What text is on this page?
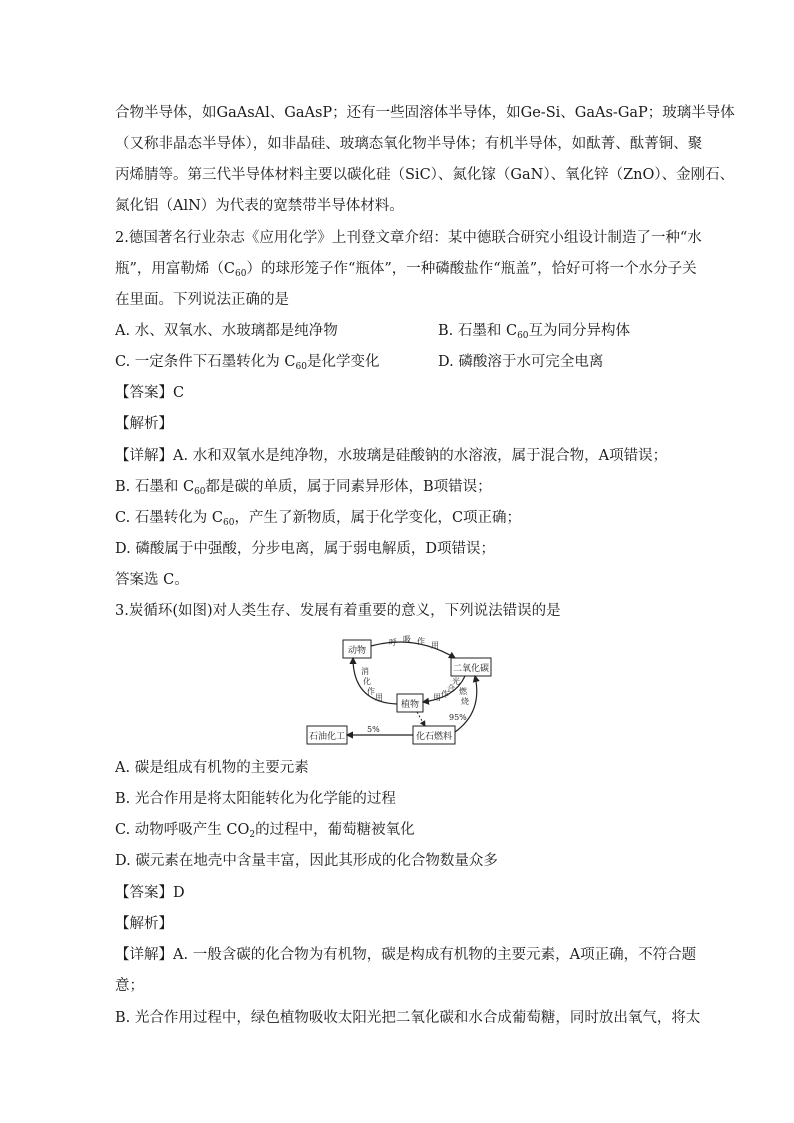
合物半导体，如GaAsAl、GaAsP；还有一些固溶体半导体，如Ge-Si、GaAs-GaP；玻璃半导体
（又称非晶态半导体），如非晶硅、玻璃态氧化物半导体；有机半导体，如酞菁、酞菁铜、聚
丙烯腈等。第三代半导体材料主要以碳化硅（SiC）、氮化镓（GaN）、氧化锌（ZnO）、金刚石、
氮化铝（AlN）为代表的宽禁带半导体材料。
2.德国著名行业杂志《应用化学》上刊登文章介绍：某中德联合研究小组设计制造了一种“水
瓶”，用富勒烯$(C_{60})$的球形笼子作“瓶体”，一种磷酸盐作“瓶盖”，恰好可将一个水分子关
在里面。下列说法正确的是
A. 水、双氧水、水玻璃都是纯净物	B. 石墨和 $C_{60}$互为同分异构体
C. 一定条件下石墨转化为 $C_{60}$是化学变化	D. 磷酸溶于水可完全电离
【答案】C
【解析】
【详解】A. 水和双氧水是纯净物，水玻璃是硅酸钠的水溶液，属于混合物，A项错误；
B. 石墨和 $C_{60}$都是碳的单质，属于同素异形体，B项错误；
C. 石墨转化为 $C_{60}$，产生了新物质，属于化学变化，C项正确；
D. 磷酸属于中强酸，分步电离，属于弱电解质，D项错误；
答案选 C。
3.炭循环(如图)对人类生存、发展有着重要的意义，下列说法错误的是
动物
二氧化碳
植物
化石燃料
石油化工
呼 吸 作 用
消
化
作
用
光
合
作
用
燃
烧
95%
5%
A. 碳是组成有机物的主要元素
B. 光合作用是将太阳能转化为化学能的过程
C. 动物呼吸产生 $CO_2$的过程中，葡萄糖被氧化
D. 碳元素在地壳中含量丰富，因此其形成的化合物数量众多
【答案】D
【解析】
【详解】A. 一般含碳的化合物为有机物，碳是构成有机物的主要元素，A项正确，不符合题
意；
B. 光合作用过程中，绿色植物吸收太阳光把二氧化碳和水合成葡萄糖，同时放出氧气，将太
